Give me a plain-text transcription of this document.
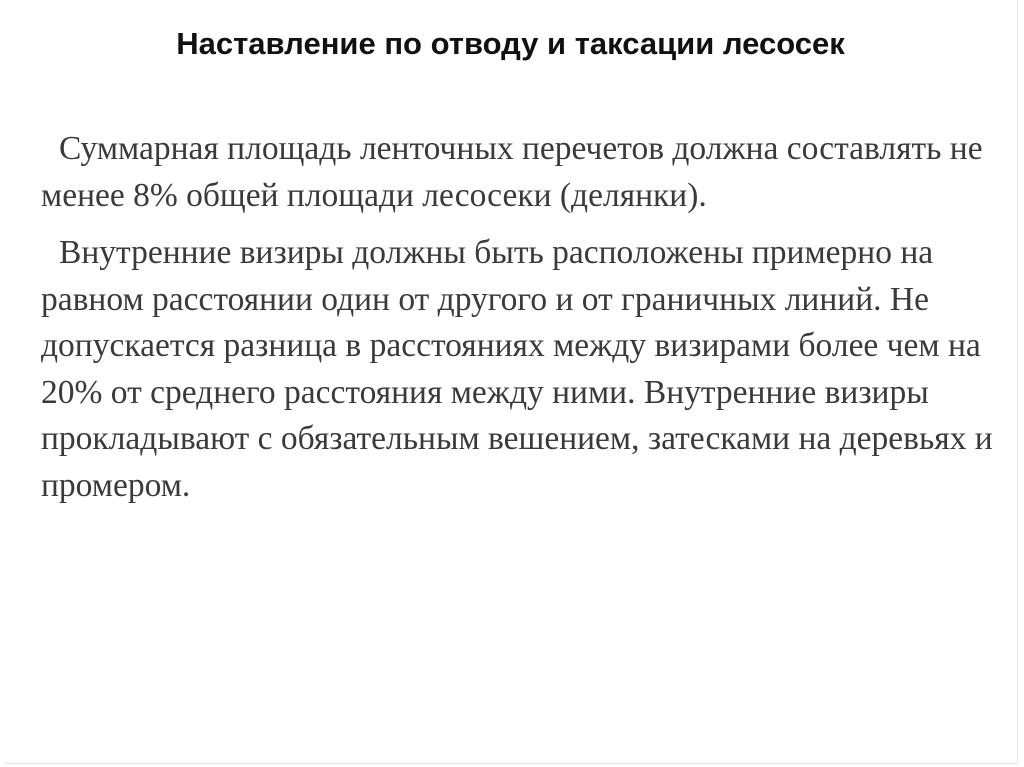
Наставление по отводу и таксации лесосек

Суммарная площадь ленточных перечетов должна составлять не менее 8% общей площади лесосеки (делянки).

Внутренние визиры должны быть расположены примерно на равном расстоянии один от другого и от граничных линий. Не допускается разница в расстояниях между визирами более чем на 20% от среднего расстояния между ними. Внутренние визиры прокладывают с обязательным вешением, затесками на деревьях и промером.
